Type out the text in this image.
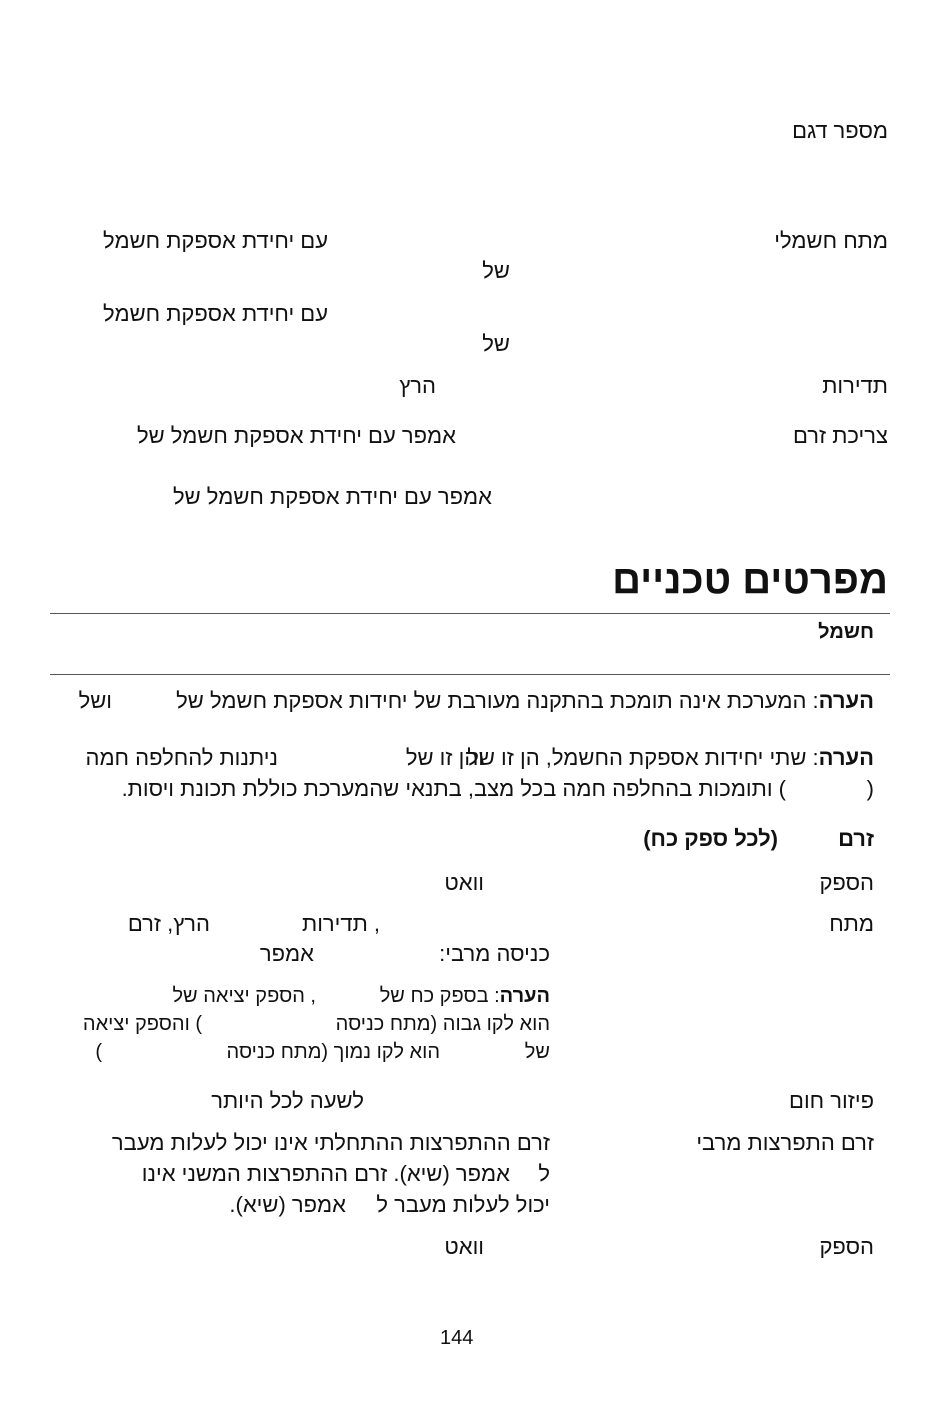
מספר דגם
מתח חשמלי
עם יחידת אספקת חשמל
של
עם יחידת אספקת חשמל
של
תדירות
הרץ
צריכת זרם
אמפר עם יחידת אספקת חשמל של
אמפר עם יחידת אספקת חשמל של
מפרטים טכניים
חשמל
הערה: המערכת אינה תומכת בהתקנה מעורבת של יחידות אספקת חשמל של
ושל
הערה: שתי יחידות אספקת החשמל, הן זו של
והן זו של
ניתנות להחלפה חמה
) ותומכות בהחלפה חמה בכל מצב, בתנאי שהמערכת כוללת תכונת ויסות.	(
זרם
(לכל ספק כח)
הספק
וואט
מתח
, תדירות
הרץ, זרם
כניסה מרבי:
אמפר
הערה: בספק כח של
, הספק יציאה של
הוא לקו גבוה (מתח כניסה
) והספק יציאה
של
הוא לקו נמוך (מתח כניסה
)
פיזור חום
לשעה לכל היותר
זרם התפרצות מרבי
זרם ההתפרצות ההתחלתי אינו יכול לעלות מעבר
ל
אמפר (שיא). זרם ההתפרצות המשני אינו
יכול לעלות מעבר ל
אמפר (שיא).
הספק
וואט
144
